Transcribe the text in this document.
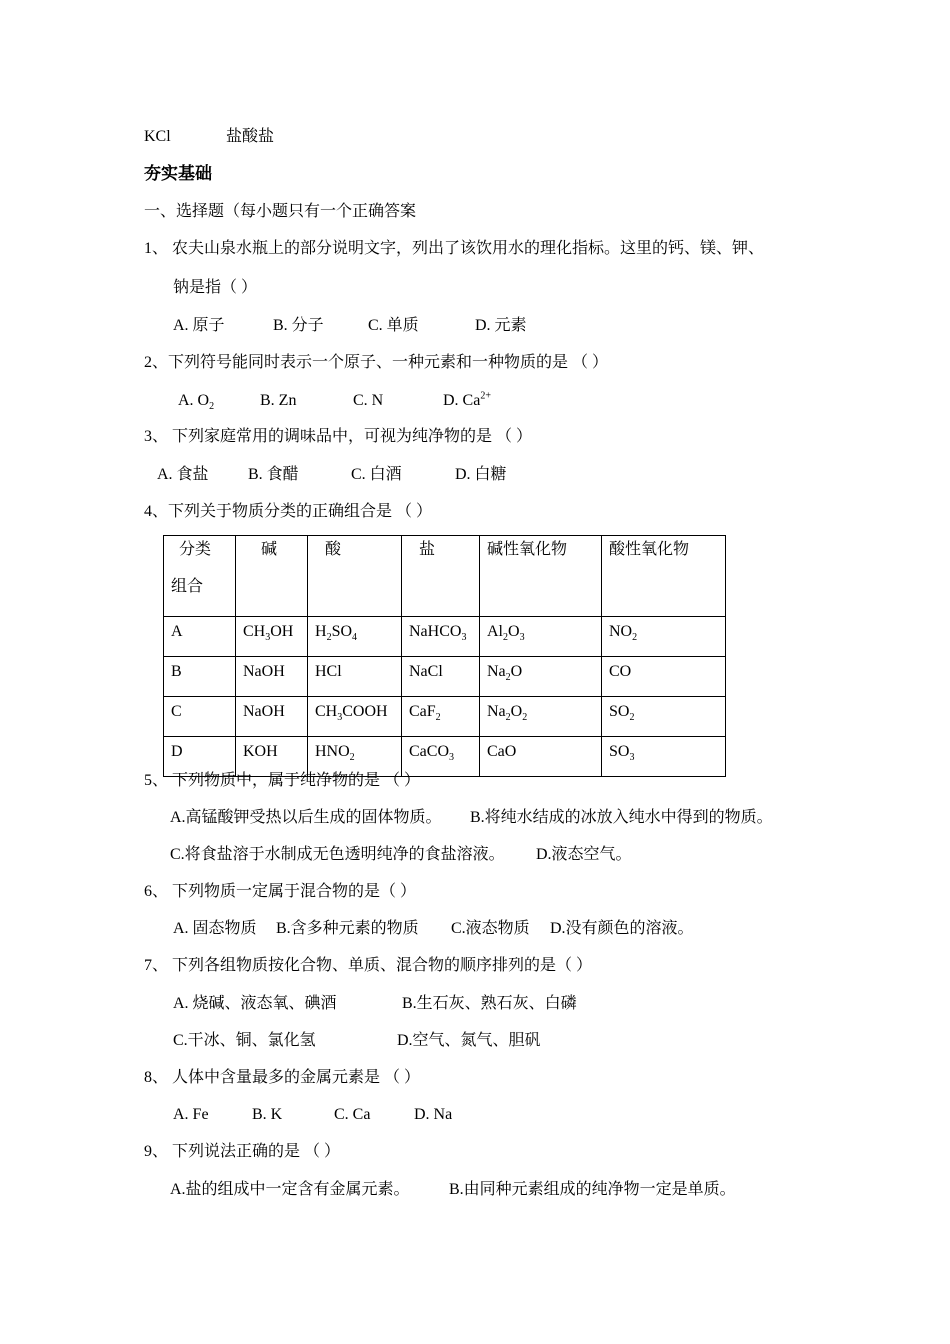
KCl	盐酸盐
夯实基础
一、选择题（每小题只有一个正确答案
1、 农夫山泉水瓶上的部分说明文字，列出了该饮用水的理化指标。这里的钙、镁、钾、
钠是指（ ）
A. 原子	B. 分子	C. 单质	D. 元素
2、下列符号能同时表示一个原子、一种元素和一种物质的是 （ ）
A. $O_2$	B. Zn	C. N	D. $Ca^{2+}$
3、 下列家庭常用的调味品中，可视为纯净物的是 （ ）
A. 食盐 B. 食醋	C. 白酒	D. 白糖
4、下列关于物质分类的正确组合是 （ ）
分类
组合	碱	酸	盐	碱性氧化物	酸性氧化物
A	$CH_3OH$	$H_2SO_4$	NaHCO$_3$	$Al_2O_3$	$NO_2$
B	NaOH	HCl	NaCl	$Na_2O$	CO
C	NaOH	$CH_3COOH$	CaF$_2$	$Na_2O_2$	$SO_2$
D	KOH	$HNO_2$	CaCO$_3$	CaO	$SO_3$
5、 下列物质中，属于纯净物的是 （ ）
A.高锰酸钾受热以后生成的固体物质。 B.将纯水结成的冰放入纯水中得到的物质。
C.将食盐溶于水制成无色透明纯净的食盐溶液。 D.液态空气。
6、 下列物质一定属于混合物的是（ ）
A. 固态物质 B.含多种元素的物质 C.液态物质 D.没有颜色的溶液。
7、 下列各组物质按化合物、单质、混合物的顺序排列的是（ ）
A. 烧碱、液态氧、碘酒	B.生石灰、熟石灰、白磷
C.干冰、铜、氯化氢	D.空气、氮气、胆矾
8、 人体中含量最多的金属元素是 （ ）
A. Fe	B. K	C. Ca	D. Na
9、 下列说法正确的是 （ ）
A.盐的组成中一定含有金属元素。 B.由同种元素组成的纯净物一定是单质。
